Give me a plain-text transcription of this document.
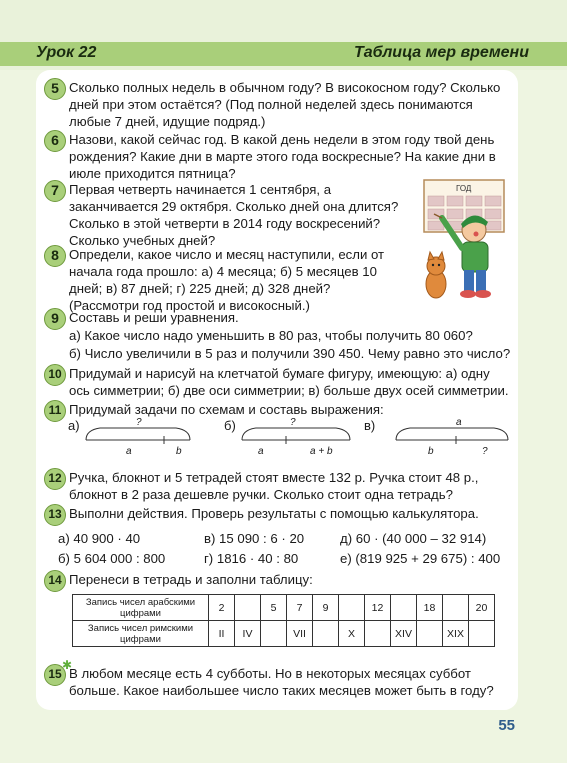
Урок 22	Таблица мер времени
5 Сколько полных недель в обычном году? В високосном году? Сколько дней при этом остаётся? (Под полной неделей здесь понимаются любые 7 дней, идущие подряд.)
6 Назови, какой сейчас год. В какой день недели в этом году твой день рождения? Какие дни в марте этого года воскресные? На какие дни в июле приходится пятница?
7 Первая четверть начинается 1 сентября, а заканчивается 29 октября. Сколько дней она длится? Сколько в этой четверти в 2014 году воскресений? Сколько учебных дней?
8 Определи, какое число и месяц наступили, если от начала года прошло: а) 4 месяца; б) 5 месяцев 10 дней; в) 87 дней; г) 225 дней; д) 328 дней? (Рассмотри год простой и високосный.)
ГОД
9 Составь и реши уравнения.
а) Какое число надо уменьшить в 80 раз, чтобы получить 80 060?
б) Число увеличили в 5 раз и получили 390 450. Чему равно это число?
10 Придумай и нарисуй на клетчатой бумаге фигуру, имеющую: а) одну ось симметрии; б) две оси симметрии; в) больше двух осей симметрии.
11 Придумай задачи по схемам и составь выражения:
а)	?
a	b
б)	?
a	a + b
в)	a
b	?
12 Ручка, блокнот и 5 тетрадей стоят вместе 132 р. Ручка стоит 48 р., блокнот в 2 раза дешевле ручки. Сколько стоит одна тетрадь?
13 Выполни действия. Проверь результаты с помощью калькулятора.
а) 40 900 · 40	в) 15 090 : 6 · 20	д) 60 · (40 000 – 32 914)
б) 5 604 000 : 800	г) 1816 · 40 : 80	е) (819 925 + 29 675) : 400
14 Перенеси в тетрадь и заполни таблицу:
Запись чисел арабскими цифрами	2		5	7	9		12		18		20
Запись чисел римскими цифрами	II	IV		VII		X		XIV		XIX	
15
✱
В любом месяце есть 4 субботы. Но в некоторых месяцах суббот больше. Какое наибольшее число таких месяцев может быть в году?
55
